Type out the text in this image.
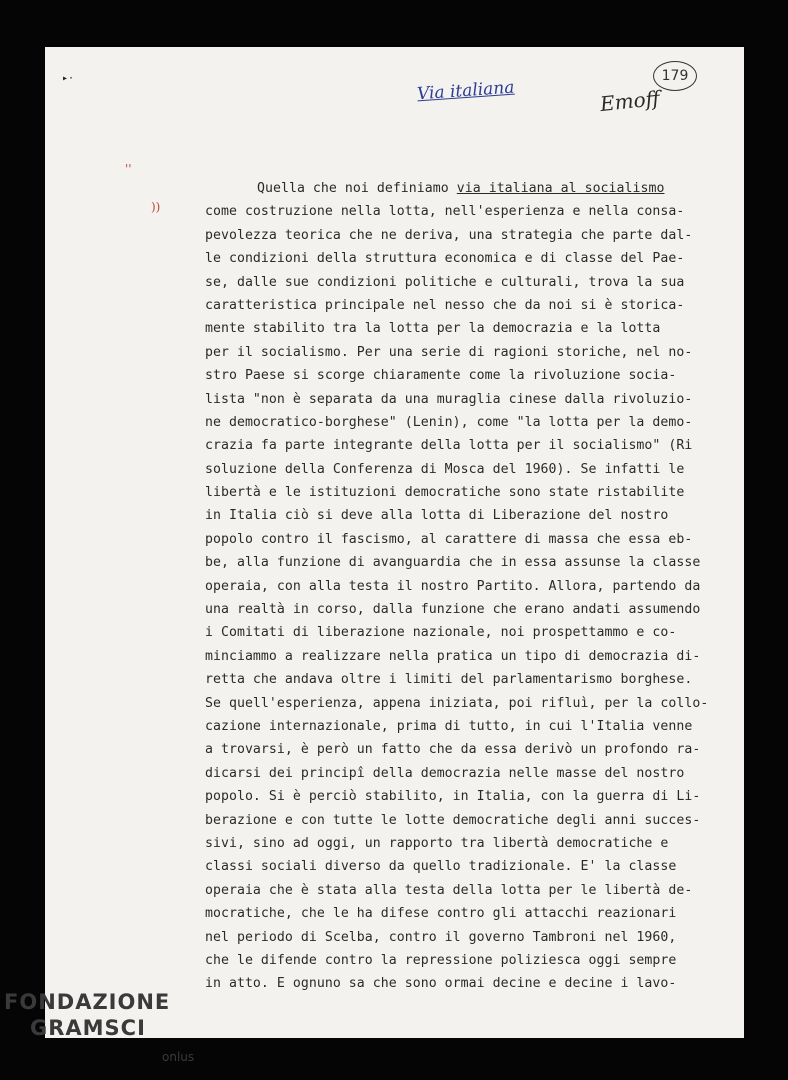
▸·	Via italiana	Emoff
179
''
))
Quella che noi definiamo via italiana al socialismo
come costruzione nella lotta, nell'esperienza e nella consa-
pevolezza teorica che ne deriva, una strategia che parte dal-
le condizioni della struttura economica e di classe del Pae-
se, dalle sue condizioni politiche e culturali, trova la sua
caratteristica principale nel nesso che da noi si è storica-
mente stabilito tra la lotta per la democrazia e la lotta
per il socialismo. Per una serie di ragioni storiche, nel no-
stro Paese si scorge chiaramente come la rivoluzione socia-
lista "non è separata da una muraglia cinese dalla rivoluzio-
ne democratico-borghese" (Lenin), come "la lotta per la demo-
crazia fa parte integrante della lotta per il socialismo" (Ri
soluzione della Conferenza di Mosca del 1960). Se infatti le
libertà e le istituzioni democratiche sono state ristabilite
in Italia ciò si deve alla lotta di Liberazione del nostro
popolo contro il fascismo, al carattere di massa che essa eb-
be, alla funzione di avanguardia che in essa assunse la classe
operaia, con alla testa il nostro Partito. Allora, partendo da
una realtà in corso, dalla funzione che erano andati assumendo
i Comitati di liberazione nazionale, noi prospettammo e co-
minciammo a realizzare nella pratica un tipo di democrazia di-
retta che andava oltre i limiti del parlamentarismo borghese.
Se quell'esperienza, appena iniziata, poi rifluì, per la collo-
cazione internazionale, prima di tutto, in cui l'Italia venne
a trovarsi, è però un fatto che da essa derivò un profondo ra-
dicarsi dei principî della democrazia nelle masse del nostro
popolo. Si è perciò stabilito, in Italia, con la guerra di Li-
berazione e con tutte le lotte democratiche degli anni succes-
sivi, sino ad oggi, un rapporto tra libertà democratiche e
classi sociali diverso da quello tradizionale. E' la classe
operaia che è stata alla testa della lotta per le libertà de-
mocratiche, che le ha difese contro gli attacchi reazionari
nel periodo di Scelba, contro il governo Tambroni nel 1960,
che le difende contro la repressione poliziesca oggi sempre
in atto. E ognuno sa che sono ormai decine e decine i lavo-
FONDAZIONE
GRAMSCI
onlus
